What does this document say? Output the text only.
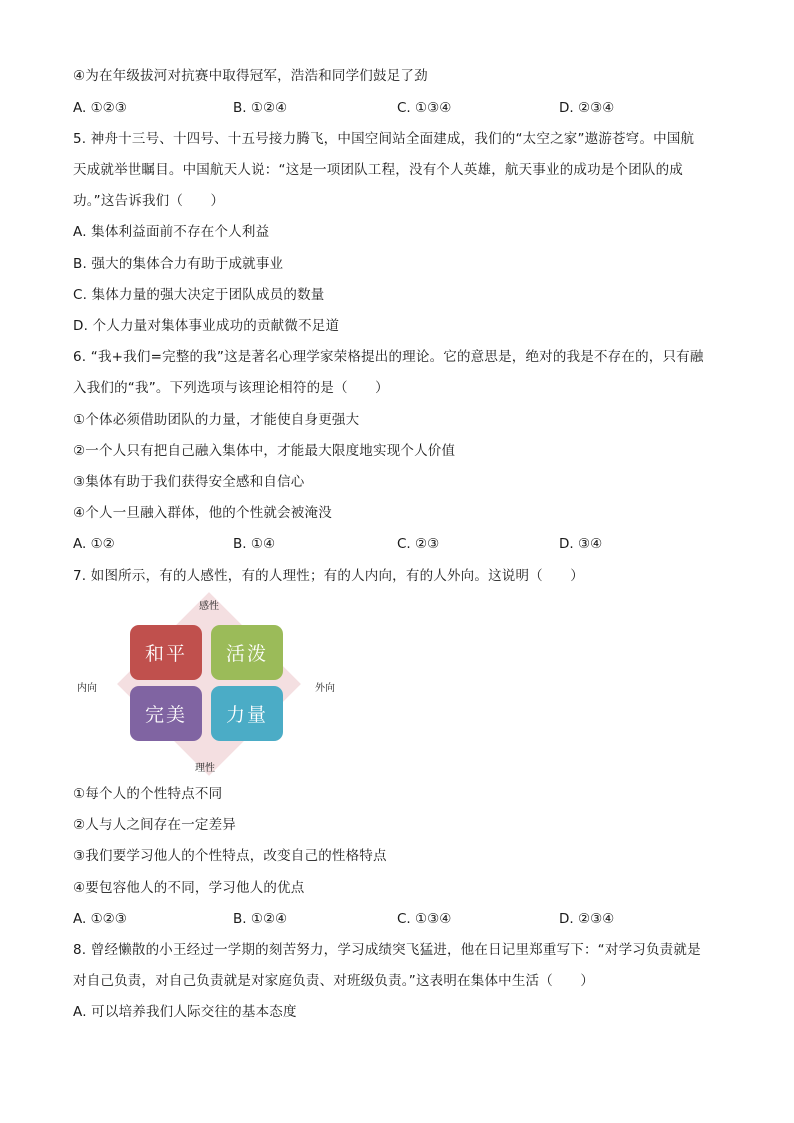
④为在年级拔河对抗赛中取得冠军，浩浩和同学们鼓足了劲
A. ①②③	B. ①②④	C. ①③④	D. ②③④
5. 神舟十三号、十四号、十五号接力腾飞，中国空间站全面建成，我们的“太空之家”遨游苍穹。中国航
天成就举世瞩目。中国航天人说：“这是一项团队工程，没有个人英雄，航天事业的成功是个团队的成
功。”这告诉我们（　　）
A. 集体利益面前不存在个人利益
B. 强大的集体合力有助于成就事业
C. 集体力量的强大决定于团队成员的数量
D. 个人力量对集体事业成功的贡献微不足道
6. “我+我们=完整的我”这是著名心理学家荣格提出的理论。它的意思是，绝对的我是不存在的，只有融
入我们的“我”。下列选项与该理论相符的是（　　）
①个体必须借助团队的力量，才能使自身更强大
②一个人只有把自己融入集体中，才能最大限度地实现个人价值
③集体有助于我们获得安全感和自信心
④个人一旦融入群体，他的个性就会被淹没
A. ①②	B. ①④	C. ②③	D. ③④
7. 如图所示，有的人感性，有的人理性；有的人内向，有的人外向。这说明（　　）
和平	活泼
完美	力量
感性
理性
内向	外向
①每个人的个性特点不同
②人与人之间存在一定差异
③我们要学习他人的个性特点，改变自己的性格特点
④要包容他人的不同，学习他人的优点
A. ①②③	B. ①②④	C. ①③④	D. ②③④
8. 曾经懒散的小王经过一学期的刻苦努力，学习成绩突飞猛进，他在日记里郑重写下：“对学习负责就是
对自己负责，对自己负责就是对家庭负责、对班级负责。”这表明在集体中生活（　　）
A. 可以培养我们人际交往的基本态度
